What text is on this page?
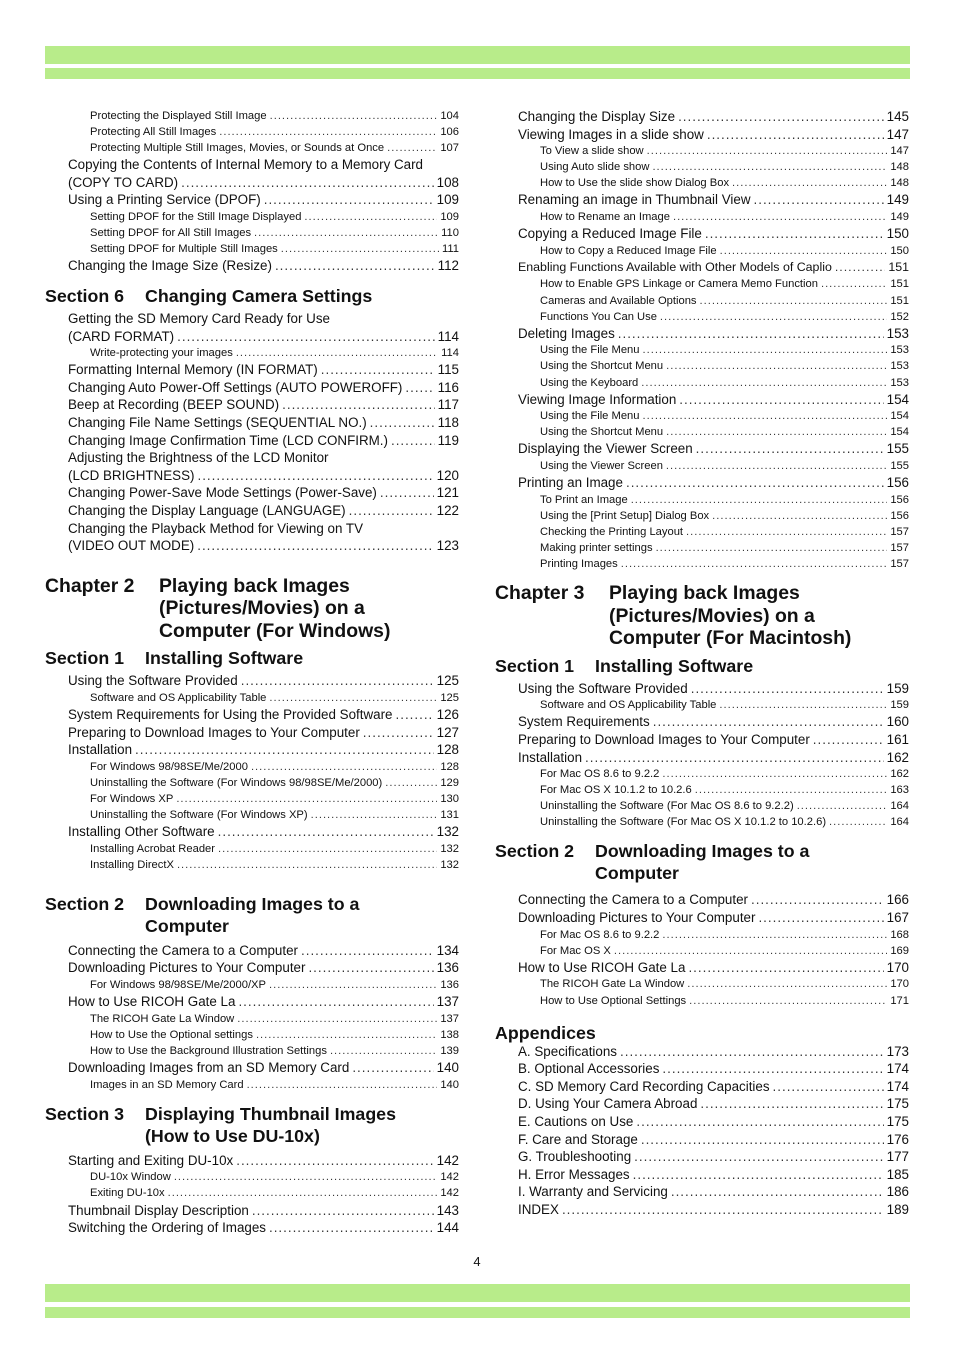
Protecting the Displayed Still Image .....	104
Protecting All Still Images .....	106
Protecting Multiple Still Images, Movies, or Sounds at Once .....	107
Copying the Contents of Internal Memory to a Memory Card
(COPY TO CARD) .....	108
Using a Printing Service (DPOF) .....	109
Setting DPOF for the Still Image Displayed .....	109
Setting DPOF for All Still Images .....	110
Setting DPOF for Multiple Still Images .....	111
Changing the Image Size (Resize) .....	112
Section 6	Changing Camera Settings
Getting the SD Memory Card Ready for Use
(CARD FORMAT) .....	114
Write-protecting your images .....	114
Formatting Internal Memory (IN FORMAT) .....	115
Changing Auto Power-Off Settings (AUTO POWEROFF) .....	116
Beep at Recording (BEEP SOUND) .....	117
Changing File Name Settings (SEQUENTIAL NO.) .....	118
Changing Image Confirmation Time (LCD CONFIRM.) .....	119
Adjusting the Brightness of the LCD Monitor
(LCD BRIGHTNESS) .....	120
Changing Power-Save Mode Settings (Power-Save) .....	121
Changing the Display Language (LANGUAGE) .....	122
Changing the Playback Method for Viewing on TV
(VIDEO OUT MODE) .....	123
Chapter 2	Playing back Images
(Pictures/Movies) on a
Computer (For Windows)
Section 1	Installing Software
Using the Software Provided .....	125
Software and OS Applicability Table .....	125
System Requirements for Using the Provided Software .....	126
Preparing to Download Images to Your Computer .....	127
Installation .....	128
For Windows 98/98SE/Me/2000 .....	128
Uninstalling the Software (For Windows 98/98SE/Me/2000) .....	129
For Windows XP .....	130
Uninstalling the Software (For Windows XP) .....	131
Installing Other Software .....	132
Installing Acrobat Reader .....	132
Installing DirectX .....	132
Section 2	Downloading Images to a
Computer
Connecting the Camera to a Computer .....	134
Downloading Pictures to Your Computer .....	136
For Windows 98/98SE/Me/2000/XP .....	136
How to Use RICOH Gate La .....	137
The RICOH Gate La Window .....	137
How to Use the Optional settings .....	138
How to Use the Background Illustration Settings .....	139
Downloading Images from an SD Memory Card .....	140
Images in an SD Memory Card .....	140
Section 3	Displaying Thumbnail Images
(How to Use DU-10x)
Starting and Exiting DU-10x .....	142
DU-10x Window .....	142
Exiting DU-10x .....	142
Thumbnail Display Description .....	143
Switching the Ordering of Images .....	144
Changing the Display Size .....	145
Viewing Images in a slide show .....	147
To View a slide show .....	147
Using Auto slide show .....	148
How to Use the slide show Dialog Box .....	148
Renaming an image in Thumbnail View .....	149
How to Rename an Image .....	149
Copying a Reduced Image File .....	150
How to Copy a Reduced Image File .....	150
Enabling Functions Available with Other Models of Caplio .....	151
How to Enable GPS Linkage or Camera Memo Function .....	151
Cameras and Available Options .....	151
Functions You Can Use .....	152
Deleting Images .....	153
Using the File Menu .....	153
Using the Shortcut Menu .....	153
Using the Keyboard .....	153
Viewing Image Information .....	154
Using the File Menu .....	154
Using the Shortcut Menu .....	154
Displaying the Viewer Screen .....	155
Using the Viewer Screen .....	155
Printing an Image .....	156
To Print an Image .....	156
Using the [Print Setup] Dialog Box .....	156
Checking the Printing Layout .....	157
Making printer settings .....	157
Printing Images .....	157
Chapter 3	Playing back Images
(Pictures/Movies) on a
Computer (For Macintosh)
Section 1	Installing Software
Using the Software Provided .....	159
Software and OS Applicability Table .....	159
System Requirements .....	160
Preparing to Download Images to Your Computer .....	161
Installation .....	162
For Mac OS 8.6 to 9.2.2 .....	162
For Mac OS X 10.1.2 to 10.2.6 .....	163
Uninstalling the Software (For Mac OS 8.6 to 9.2.2) .....	164
Uninstalling the Software (For Mac OS X 10.1.2 to 10.2.6) .....	164
Section 2	Downloading Images to a
Computer
Connecting the Camera to a Computer .....	166
Downloading Pictures to Your Computer .....	167
For Mac OS 8.6 to 9.2.2 .....	168
For Mac OS X .....	169
How to Use RICOH Gate La .....	170
The RICOH Gate La Window .....	170
How to Use Optional Settings .....	171
Appendices
A. Specifications .....	173
B. Optional Accessories .....	174
C. SD Memory Card Recording Capacities .....	174
D. Using Your Camera Abroad .....	175
E. Cautions on Use .....	175
F. Care and Storage .....	176
G. Troubleshooting .....	177
H. Error Messages .....	185
I. Warranty and Servicing .....	186
INDEX .....	189
4
